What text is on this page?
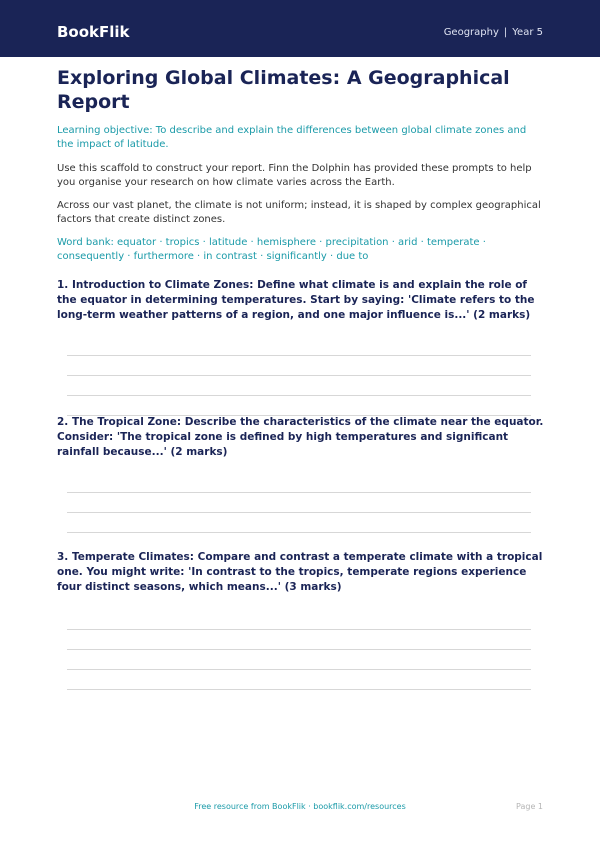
BookFlik	Geography | Year 5
Exploring Global Climates: A Geographical Report

Learning objective: To describe and explain the differences between global climate zones and the impact of latitude.

Use this scaffold to construct your report. Finn the Dolphin has provided these prompts to help you organise your research on how climate varies across the Earth.

Across our vast planet, the climate is not uniform; instead, it is shaped by complex geographical factors that create distinct zones.

Word bank: equator · tropics · latitude · hemisphere · precipitation · arid · temperate · consequently · furthermore · in contrast · significantly · due to

1. Introduction to Climate Zones: Define what climate is and explain the role of the equator in determining temperatures. Start by saying: 'Climate refers to the long-term weather patterns of a region, and one major influence is...' (2 marks)

2. The Tropical Zone: Describe the characteristics of the climate near the equator. Consider: 'The tropical zone is defined by high temperatures and significant rainfall because...' (2 marks)

3. Temperate Climates: Compare and contrast a temperate climate with a tropical one. You might write: 'In contrast to the tropics, temperate regions experience four distinct seasons, which means...' (3 marks)

Free resource from BookFlik · bookflik.com/resources	Page 1
